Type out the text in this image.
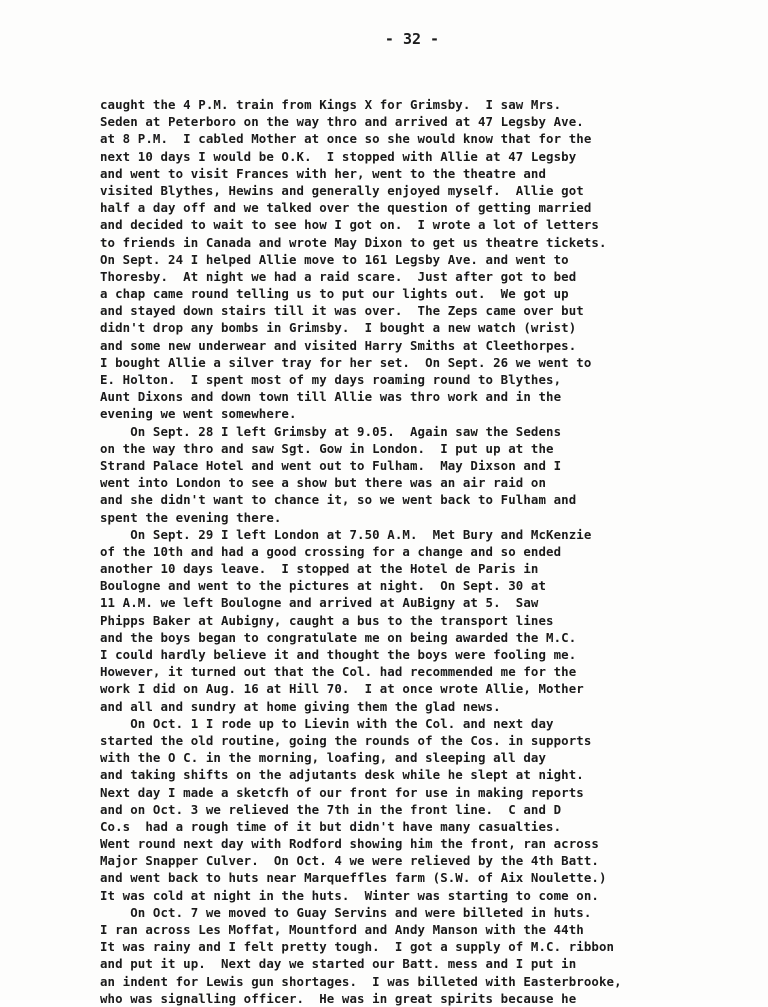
- 32 -
caught the 4 P.M. train from Kings X for Grimsby.  I saw Mrs.
Seden at Peterboro on the way thro and arrived at 47 Legsby Ave.
at 8 P.M.  I cabled Mother at once so she would know that for the
next 10 days I would be O.K.  I stopped with Allie at 47 Legsby
and went to visit Frances with her, went to the theatre and
visited Blythes, Hewins and generally enjoyed myself.  Allie got
half a day off and we talked over the question of getting married
and decided to wait to see how I got on.  I wrote a lot of letters
to friends in Canada and wrote May Dixon to get us theatre tickets.
On Sept. 24 I helped Allie move to 161 Legsby Ave. and went to
Thoresby.  At night we had a raid scare.  Just after got to bed
a chap came round telling us to put our lights out.  We got up
and stayed down stairs till it was over.  The Zeps came over but
didn't drop any bombs in Grimsby.  I bought a new watch (wrist)
and some new underwear and visited Harry Smiths at Cleethorpes.
I bought Allie a silver tray for her set.  On Sept. 26 we went to
E. Holton.  I spent most of my days roaming round to Blythes,
Aunt Dixons and down town till Allie was thro work and in the
evening we went somewhere.
On Sept. 28 I left Grimsby at 9.05.  Again saw the Sedens
on the way thro and saw Sgt. Gow in London.  I put up at the
Strand Palace Hotel and went out to Fulham.  May Dixson and I
went into London to see a show but there was an air raid on
and she didn't want to chance it, so we went back to Fulham and
spent the evening there.
On Sept. 29 I left London at 7.50 A.M.  Met Bury and McKenzie
of the 10th and had a good crossing for a change and so ended
another 10 days leave.  I stopped at the Hotel de Paris in
Boulogne and went to the pictures at night.  On Sept. 30 at
11 A.M. we left Boulogne and arrived at AuBigny at 5.  Saw
Phipps Baker at Aubigny, caught a bus to the transport lines
and the boys began to congratulate me on being awarded the M.C.
I could hardly believe it and thought the boys were fooling me.
However, it turned out that the Col. had recommended me for the
work I did on Aug. 16 at Hill 70.  I at once wrote Allie, Mother
and all and sundry at home giving them the glad news.
On Oct. 1 I rode up to Lievin with the Col. and next day
started the old routine, going the rounds of the Cos. in supports
with the O C. in the morning, loafing, and sleeping all day
and taking shifts on the adjutants desk while he slept at night.
Next day I made a sketcfh of our front for use in making reports
and on Oct. 3 we relieved the 7th in the front line.  C and D
Co.s  had a rough time of it but didn't have many casualties.
Went round next day with Rodford showing him the front, ran across
Major Snapper Culver.  On Oct. 4 we were relieved by the 4th Batt.
and went back to huts near Marqueffles farm (S.W. of Aix Noulette.)
It was cold at night in the huts.  Winter was starting to come on.
On Oct. 7 we moved to Guay Servins and were billeted in huts.
I ran across Les Moffat, Mountford and Andy Manson with the 44th
It was rainy and I felt pretty tough.  I got a supply of M.C. ribbon
and put it up.  Next day we started our Batt. mess and I put in
an indent for Lewis gun shortages.  I was billeted with Easterbrooke,
who was signalling officer.  He was in great spirits because he
